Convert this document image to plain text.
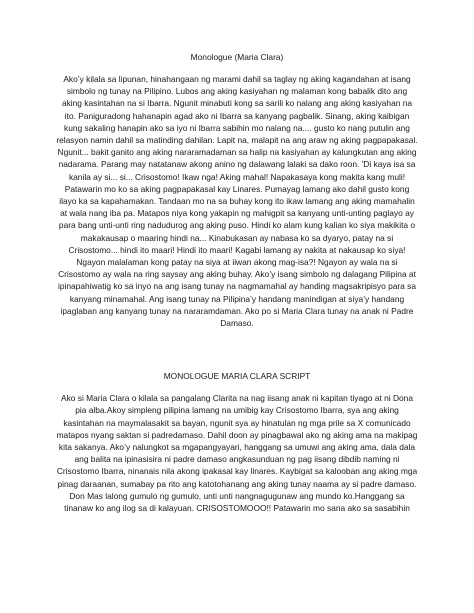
Monologue (Maria Clara)

Ako’y kilala sa lipunan, hinahangaan ng marami dahil sa taglay ng aking kagandahan at isang simbolo ng tunay na Pilipino. Lubos ang aking kasiyahan ng malaman kong babalik dito ang aking kasintahan na si Ibarra. Ngunit minabuti kong sa sarili ko nalang ang aking kasiyahan na ito. Paniguradong hahanapin agad ako ni Ibarra sa kanyang pagbalik. Sinang, aking kaibigan kung sakaling hanapin ako sa iyo ni Ibarra sabihin mo nalang na.... gusto ko nang putulin ang relasyon namin dahil sa matinding dahilan. Lapit na, malapit na ang araw ng aking pagpapakasal. Ngunit... bakit ganito ang aking nararamadaman sa halip na kasiyahan ay kalungkutan ang aking nadarama. Parang may natatanaw akong anino ng dalawang lalaki sa dako roon. 'Di kaya isa sa kanila ay si... si... Crisostomo! Ikaw nga! Aking mahal! Napakasaya kong makita kang muli! Patawarin mo ko sa aking pagpapakasal kay Linares. Pumayag lamang ako dahil gusto kong ilayo ka sa kapahamakan. Tandaan mo na sa buhay kong ito ikaw lamang ang aking mamahalin at wala nang iba pa. Matapos niya kong yakapin ng mahigpit sa kanyang unti-unting paglayo ay para bang unti-unti ring nadudurog ang aking puso. Hindi ko alam kung kalian ko siya makikita o makakausap o maaring hindi na... Kinabukasan ay nabasa ko sa dyaryo, patay na si Crisostomo... hindi ito maari! Hindi ito maari! Kagabi lamang ay nakita at nakausap ko siya! Ngayon malalaman kong patay na siya at iiwan akong mag-isa?! Ngayon ay wala na si Crisostomo ay wala na ring saysay ang aking buhay. Ako’y isang simbolo ng dalagang Pilipina at ipinapahiwatig ko sa inyo na ang isang tunay na nagmamahal ay handing magsakripisyo para sa kanyang minamahal. Ang isang tunay na Pilipina’y handang manindigan at siya’y handang ipaglaban ang kanyang tunay na nararamdaman. Ako po si Maria Clara tunay na anak ni Padre Damaso.

MONOLOGUE MARIA CLARA SCRIPT

Ako si Maria Clara o kilala sa pangalang Clarita na nag iisang anak ni kapitan tiyago at ni Dona pia alba.Akoy simpleng pilipina lamang na umibig kay Crisostomo Ibarra, sya ang aking kasintahan na maymalasakit sa bayan, ngunit sya ay hinatulan ng mga prile sa X comunicado matapos nyang saktan si padredamaso. Dahil doon ay pinagbawal ako ng aking ama na makipag kita sakanya. Ako’y nalungkot sa mgapangyayari, hanggang sa umuwi ang aking ama, dala dala ang balita na ipinasisira ni padre damaso angkasunduan ng pag iisang dibdib naming ni Crisostomo Ibarra, ninanais nila akong ipakasal kay linares. Kaybigat sa kalooban ang aking mga pinag daraanan, sumabay pa rito ang katotohanang ang aking tunay naama ay si padre damaso. Don Mas lalong gumulo ng gumulo, unti unti nangnagugunaw ang mundo ko.Hanggang sa tinanaw ko ang ilog sa di kalayuan. CRISOSTOMOOO!! Patawarin mo sana ako sa sasabihin
